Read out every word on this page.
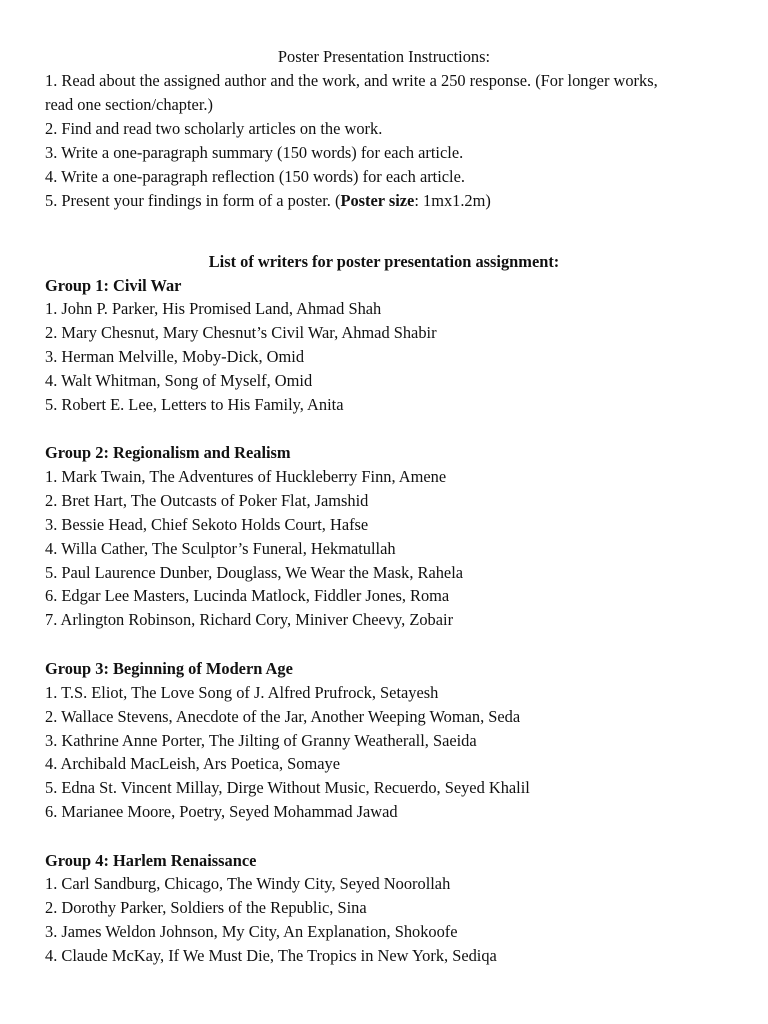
Poster Presentation Instructions:
1. Read about the assigned author and the work, and write a 250 response. (For longer works,
read one section/chapter.)
2. Find and read two scholarly articles on the work.
3. Write a one-paragraph summary (150 words) for each article.
4. Write a one-paragraph reflection (150 words) for each article.
5. Present your findings in form of a poster. (Poster size: 1mx1.2m)
List of writers for poster presentation assignment:
Group 1: Civil War
1. John P. Parker, His Promised Land, Ahmad Shah
2. Mary Chesnut, Mary Chesnut’s Civil War, Ahmad Shabir
3. Herman Melville, Moby-Dick, Omid
4. Walt Whitman, Song of Myself, Omid
5. Robert E. Lee, Letters to His Family, Anita
Group 2: Regionalism and Realism
1. Mark Twain, The Adventures of Huckleberry Finn, Amene
2. Bret Hart, The Outcasts of Poker Flat, Jamshid
3. Bessie Head, Chief Sekoto Holds Court, Hafse
4. Willa Cather, The Sculptor’s Funeral, Hekmatullah
5. Paul Laurence Dunber, Douglass, We Wear the Mask, Rahela
6. Edgar Lee Masters, Lucinda Matlock, Fiddler Jones, Roma
7. Arlington Robinson, Richard Cory, Miniver Cheevy, Zobair
Group 3: Beginning of Modern Age
1. T.S. Eliot, The Love Song of J. Alfred Prufrock, Setayesh
2. Wallace Stevens, Anecdote of the Jar, Another Weeping Woman, Seda
3. Kathrine Anne Porter, The Jilting of Granny Weatherall, Saeida
4. Archibald MacLeish, Ars Poetica, Somaye
5. Edna St. Vincent Millay, Dirge Without Music, Recuerdo, Seyed Khalil
6. Marianee Moore, Poetry, Seyed Mohammad Jawad
Group 4: Harlem Renaissance
1. Carl Sandburg, Chicago, The Windy City, Seyed Noorollah
2. Dorothy Parker, Soldiers of the Republic, Sina
3. James Weldon Johnson, My City, An Explanation, Shokoofe
4. Claude McKay, If We Must Die, The Tropics in New York, Sediqa
